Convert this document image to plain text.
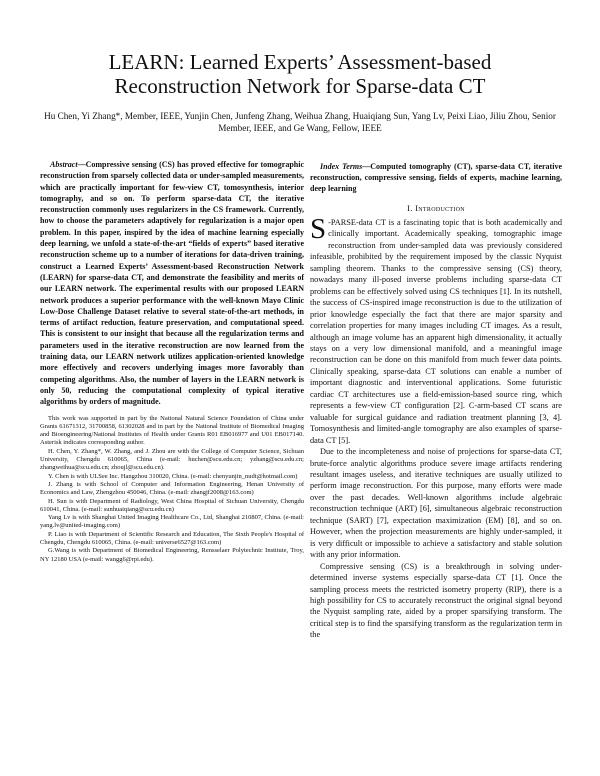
LEARN: Learned Experts’ Assessment-based
Reconstruction Network for Sparse-data CT

Hu Chen, Yi Zhang*, Member, IEEE, Yunjin Chen, Junfeng Zhang, Weihua Zhang, Huaiqiang Sun, Yang Lv, Peixi Liao, Jiliu Zhou, Senior Member, IEEE, and Ge Wang, Fellow, IEEE

Abstract—Compressive sensing (CS) has proved effective for tomographic reconstruction from sparsely collected data or under-sampled measurements, which are practically important for few-view CT, tomosynthesis, interior tomography, and so on. To perform sparse-data CT, the iterative reconstruction commonly uses regularizers in the CS framework. Currently, how to choose the parameters adaptively for regularization is a major open problem. In this paper, inspired by the idea of machine learning especially deep learning, we unfold a state-of-the-art “fields of experts” based iterative reconstruction scheme up to a number of iterations for data-driven training, construct a Learned Experts’ Assessment-based Reconstruction Network (LEARN) for sparse-data CT, and demonstrate the feasibility and merits of our LEARN network. The experimental results with our proposed LEARN network produces a superior performance with the well-known Mayo Clinic Low-Dose Challenge Dataset relative to several state-of-the-art methods, in terms of artifact reduction, feature preservation, and computational speed. This is consistent to our insight that because all the regularization terms and parameters used in the iterative reconstruction are now learned from the training data, our LEARN network utilizes application-oriented knowledge more effectively and recovers underlying images more favorably than competing algorithms. Also, the number of layers in the LEARN network is only 50, reducing the computational complexity of typical iterative algorithms by orders of magnitude.

This work was supported in part by the National Natural Science Foundation of China under Grants 61671312, 31700858, 61302028 and in part by the National Institute of Biomedical Imaging and Bioengineering/National Institutes of Health under Grants R01 EB016977 and U01 EB017140. Asterisk indicates corresponding author.

H. Chen, Y. Zhang*, W. Zhang, and J. Zhou are with the College of Computer Science, Sichuan University, Chengdu 610065, China (e-mail: huchen@scu.edu.cn; yzhang@scu.edu.cn; zhangweihua@scu.edu.cn; zhoujl@scu.edu.cn).

Y. Chen is with ULSee Inc. Hangzhou 310020, China. (e-mail: chenyunjin_nudt@hotmail.com)

J. Zhang is with School of Computer and Information Engineering, Henan University of Economics and Law, Zhengzhou 450046, China. (e-mail: zhangjf2008@163.com)

H. Sun is with Department of Radiology, West China Hospital of Sichuan University, Chengdu 610041, China. (e-mail: sunhuaiqiang@scu.edu.cn)

Yang Lv is with Shanghai United Imaging Healthcare Co., Ltd, Shanghai 210807, China. (e-mail: yang.lv@united-imaging.com)

P. Liao is with Department of Scientific Research and Education, The Sixth People's Hospital of Chengdu, Chengdu 610065, China. (e-mail: universe6527@163.com)

G.Wang is with Department of Biomedical Engineering, Rensselaer Polytechnic Institute, Troy, NY 12180 USA (e-mail: wangg6@rpi.edu).

Index Terms—Computed tomography (CT), sparse-data CT, iterative reconstruction, compressive sensing, fields of experts, machine learning, deep learning

I. Introduction

S -PARSE-data CT is a fascinating topic that is both academically and clinically important. Academically speaking, tomographic image reconstruction from under-sampled data was previously considered infeasible, prohibited by the requirement imposed by the classic Nyquist sampling theorem. Thanks to the compressive sensing (CS) theory, nowadays many ill-posed inverse problems including sparse-data CT problems can be effectively solved using CS techniques [1]. In its nutshell, the success of CS-inspired image reconstruction is due to the utilization of prior knowledge especially the fact that there are major sparsity and correlation properties for many images including CT images. As a result, although an image volume has an apparent high dimensionality, it actually stays on a very low dimensional manifold, and a meaningful image reconstruction can be done on this manifold from much fewer data points. Clinically speaking, sparse-data CT solutions can enable a number of important diagnostic and interventional applications. Some futuristic cardiac CT architectures use a field-emission-based source ring, which represents a few-view CT configuration [2]. C-arm-based CT scans are valuable for surgical guidance and radiation treatment planning [3, 4]. Tomosynthesis and limited-angle tomography are also examples of sparse-data CT [5].

Due to the incompleteness and noise of projections for sparse-data CT, brute-force analytic algorithms produce severe image artifacts rendering resultant images useless, and iterative techniques are usually utilized to perform image reconstruction. For this purpose, many efforts were made over the past decades. Well-known algorithms include algebraic reconstruction technique (ART) [6], simultaneous algebraic reconstruction technique (SART) [7], expectation maximization (EM) [8], and so on. However, when the projection measurements are highly under-sampled, it is very difficult or impossible to achieve a satisfactory and stable solution with any prior information.

Compressive sensing (CS) is a breakthrough in solving under-determined inverse systems especially sparse-data CT [1]. Once the sampling process meets the restricted isometry property (RIP), there is a high possibility for CS to accurately reconstruct the original signal beyond the Nyquist sampling rate, aided by a proper sparsifying transform. The critical step is to find the sparsifying transform as the regularization term in the
